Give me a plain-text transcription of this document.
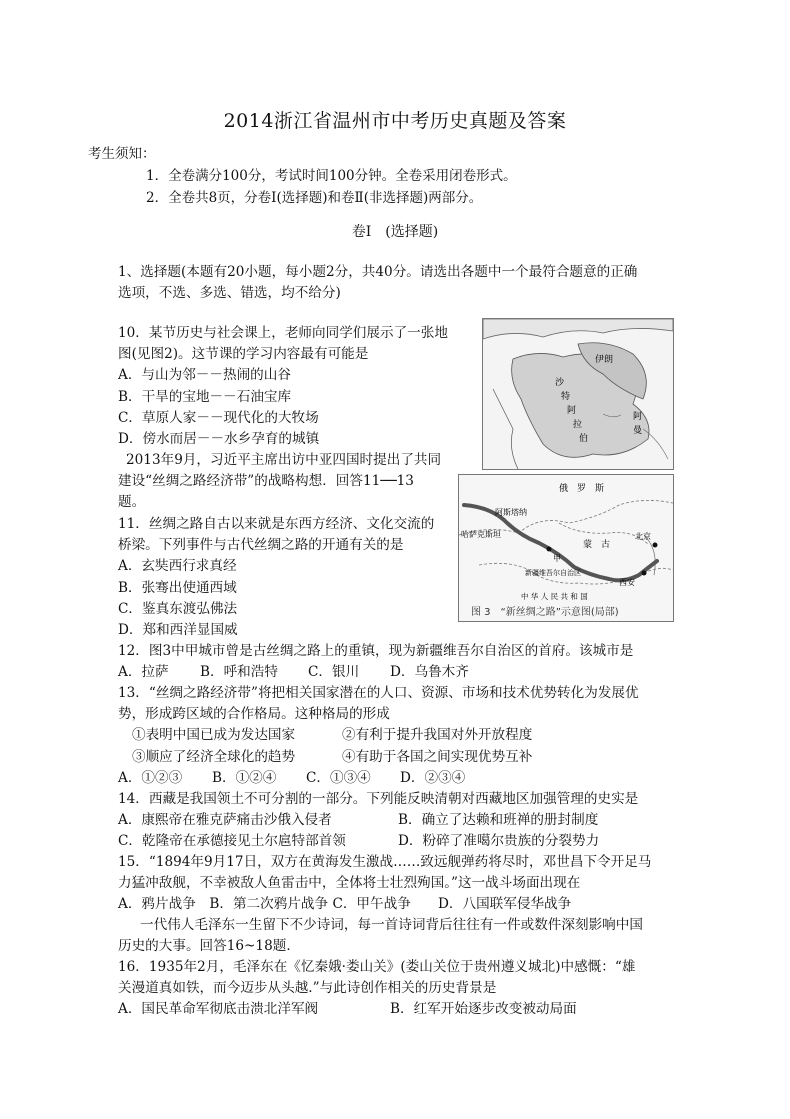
2014浙江省温州市中考历史真题及答案
考生须知：
1．全卷满分100分，考试时间100分钟。全卷采用闭卷形式。
2．全卷共8页，分卷Ⅰ(选择题)和卷Ⅱ(非选择题)两部分。
卷Ⅰ　(选择题)
1、选择题(本题有20小题，每小题2分，共40分。请选出各题中一个最符合题意的正确
选项，不选、多选、错选，均不给分)
10．某节历史与社会课上，老师向同学们展示了一张地
图(见图2)。这节课的学习内容最有可能是
A．与山为邻－－热闹的山谷
B．干旱的宝地－－石油宝库
C．草原人家－－现代化的大牧场
D．傍水而居－－水乡孕育的城镇
伊朗
沙
特
阿
拉
伯
阿
曼
2013年9月，习近平主席出访中亚四国时提出了共同
建设“丝绸之路经济带”的战略构想．回答11──13
题。
11．丝绸之路自古以来就是东西方经济、文化交流的
桥梁。下列事件与古代丝绸之路的开通有关的是
A．玄奘西行求真经
B．张骞出使通西域
C．鉴真东渡弘佛法
D．郑和西洋显国威
俄　罗　斯
阿斯塔纳
哈萨克斯坦
蒙　古
甲
新疆维吾尔自治区
中 华 人 民 共 和 国
北京
西安
图 3　“新丝绸之路”示意图(局部)
12．图3中甲城市曾是古丝绸之路上的重镇，现为新疆维吾尔自治区的首府。该城市是
A．拉萨 B．呼和浩特 C．银川 D．乌鲁木齐
13．“丝绸之路经济带”将把相关国家潜在的人口、资源、市场和技术优势转化为发展优
势，形成跨区域的合作格局。这种格局的形成
①表明中国已成为发达国家	②有利于提升我国对外开放程度
③顺应了经济全球化的趋势	④有助于各国之间实现优势互补
A．①②③ B．①②④ C．①③④ D．②③④
14．西藏是我国领土不可分割的一部分。下列能反映清朝对西藏地区加强管理的史实是
A．康熙帝在雅克萨痛击沙俄入侵者	B．确立了达赖和班禅的册封制度
C．乾隆帝在承德接见土尔扈特部首领	D．粉碎了准噶尔贵族的分裂势力
15．“1894年9月17日，双方在黄海发生激战……致远舰弹药将尽时，邓世昌下令开足马
力猛冲敌舰，不幸被敌人鱼雷击中，全体将士壮烈殉国。”这一战斗场面出现在
A．鸦片战争　B．第二次鸦片战争 C．甲午战争　　D．八国联军侵华战争
一代伟人毛泽东一生留下不少诗词，每一首诗词背后往往有一件或数件深刻影响中国
历史的大事。回答16~18题．
16．1935年2月，毛泽东在《忆秦娥·娄山关》(娄山关位于贵州遵义城北)中感慨：“雄
关漫道真如铁，而今迈步从头越.”与此诗创作相关的历史背景是
A．国民革命军彻底击溃北洋军阀	B．红军开始逐步改变被动局面
